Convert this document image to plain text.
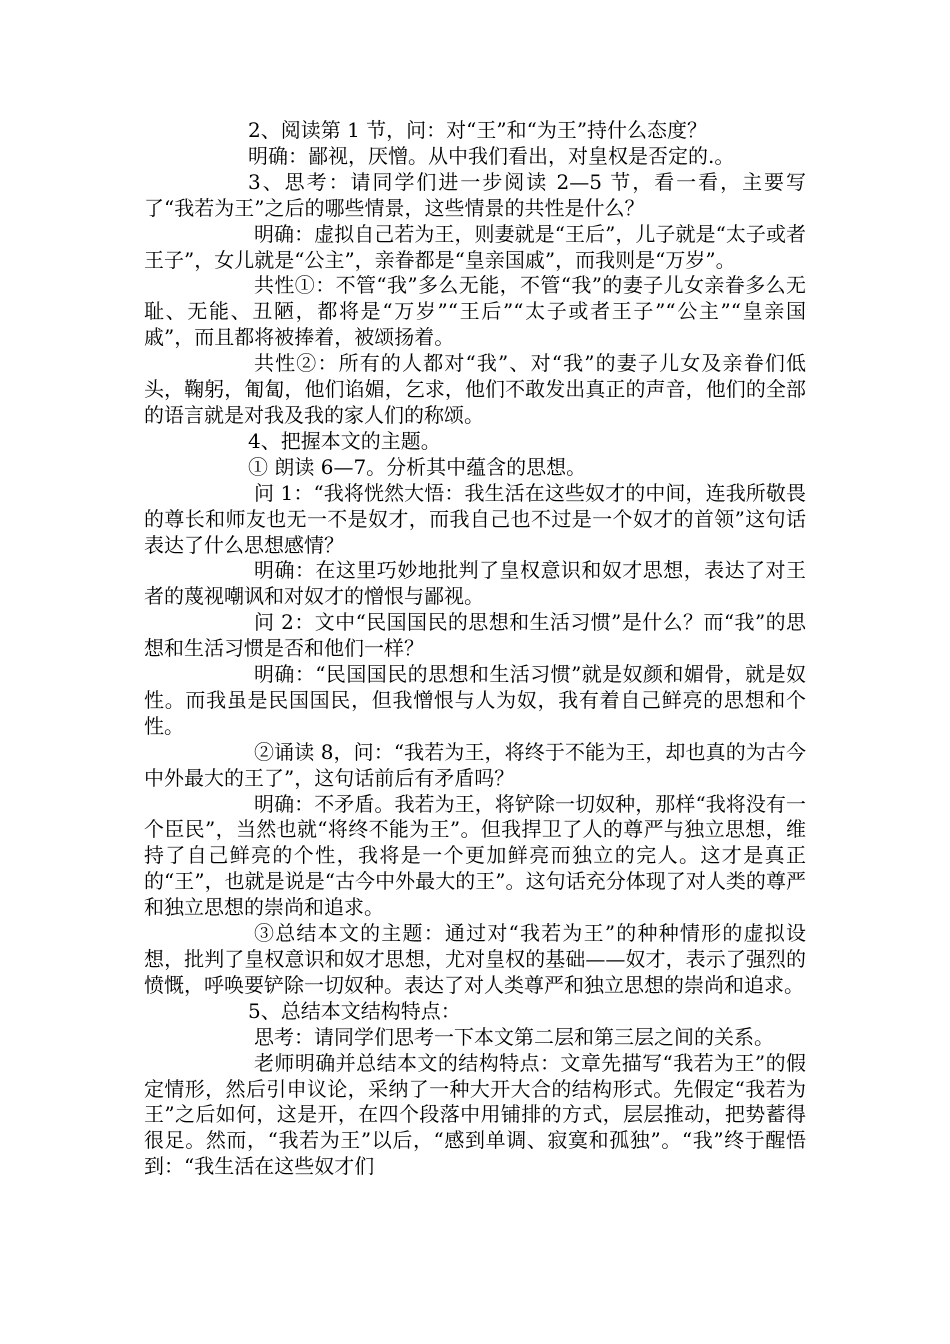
2、阅读第 1 节，问：对“王”和“为王”持什么态度？

明确：鄙视，厌憎。从中我们看出，对皇权是否定的.。

3、思考：请同学们进一步阅读 2—5 节，看一看，主要写了“我若为王”之后的哪些情景，这些情景的共性是什么？

明确：虚拟自己若为王，则妻就是“王后”，儿子就是“太子或者王子”，女儿就是“公主”，亲眷都是“皇亲国戚”，而我则是“万岁”。

共性①：不管“我”多么无能，不管“我”的妻子儿女亲眷多么无耻、无能、丑陋，都将是“万岁”“王后”“太子或者王子”“公主”“皇亲国戚”，而且都将被捧着，被颂扬着。

共性②：所有的人都对“我”、对“我”的妻子儿女及亲眷们低头，鞠躬，匍匐，他们谄媚，乞求，他们不敢发出真正的声音，他们的全部的语言就是对我及我的家人们的称颂。

4、把握本文的主题。

① 朗读 6—7。分析其中蕴含的思想。

问 1：“我将恍然大悟：我生活在这些奴才的中间，连我所敬畏的尊长和师友也无一不是奴才，而我自己也不过是一个奴才的首领”这句话表达了什么思想感情？

明确：在这里巧妙地批判了皇权意识和奴才思想，表达了对王者的蔑视嘲讽和对奴才的憎恨与鄙视。

问 2：文中“民国国民的思想和生活习惯”是什么？而“我”的思想和生活习惯是否和他们一样？

明确：“民国国民的思想和生活习惯”就是奴颜和媚骨，就是奴性。而我虽是民国国民，但我憎恨与人为奴，我有着自己鲜亮的思想和个性。

②诵读 8，问：“我若为王，将终于不能为王，却也真的为古今中外最大的王了”，这句话前后有矛盾吗？

明确：不矛盾。我若为王，将铲除一切奴种，那样“我将没有一个臣民”，当然也就“将终不能为王”。但我捍卫了人的尊严与独立思想，维持了自己鲜亮的个性，我将是一个更加鲜亮而独立的完人。这才是真正的“王”，也就是说是“古今中外最大的王”。这句话充分体现了对人类的尊严和独立思想的崇尚和追求。

③总结本文的主题：通过对“我若为王”的种种情形的虚拟设想，批判了皇权意识和奴才思想，尤对皇权的基础——奴才，表示了强烈的愤慨，呼唤要铲除一切奴种。表达了对人类尊严和独立思想的崇尚和追求。

5、总结本文结构特点：

思考：请同学们思考一下本文第二层和第三层之间的关系。

老师明确并总结本文的结构特点：文章先描写“我若为王”的假定情形，然后引申议论，采纳了一种大开大合的结构形式。先假定“我若为王”之后如何，这是开，在四个段落中用铺排的方式，层层推动，把势蓄得很足。然而，“我若为王”以后，“感到单调、寂寞和孤独”。“我”终于醒悟到：“我生活在这些奴才们
